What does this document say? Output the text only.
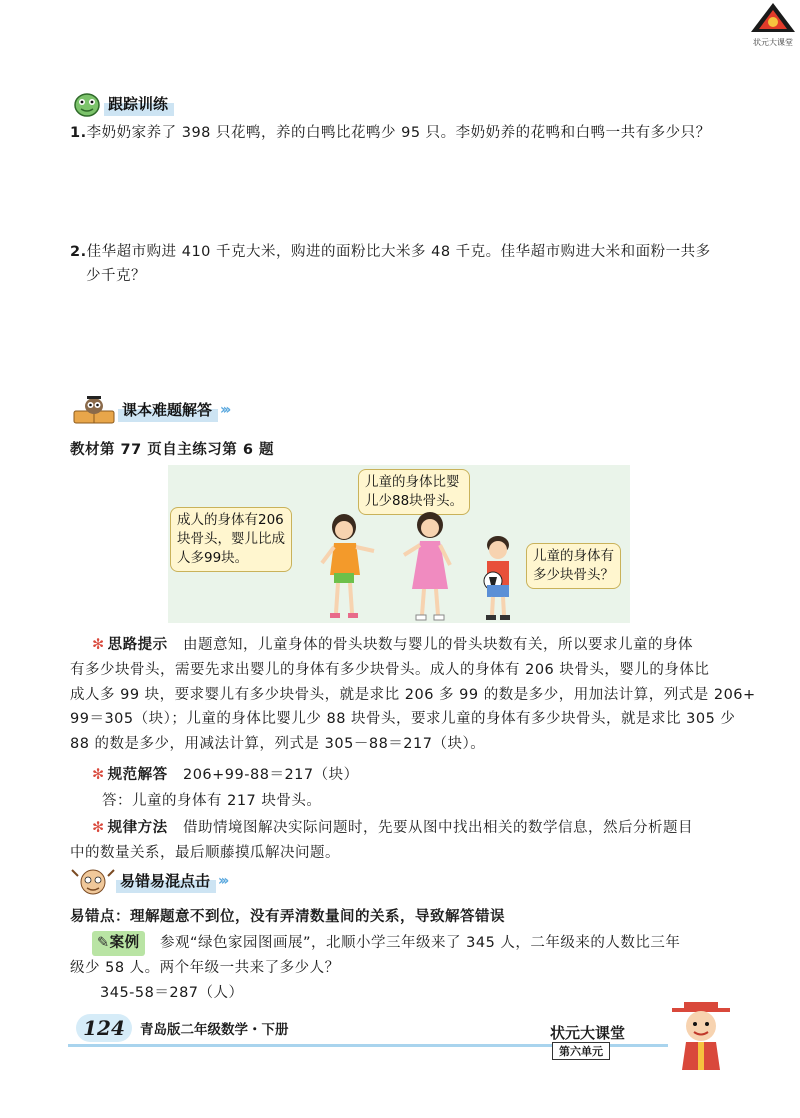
状元大课堂
跟踪训练
1.李奶奶家养了 398 只花鸭，养的白鸭比花鸭少 95 只。李奶奶养的花鸭和白鸭一共有多少只？
2.佳华超市购进 410 千克大米，购进的面粉比大米多 48 千克。佳华超市购进大米和面粉一共多
少千克？
课本难题解答 ›››
教材第 77 页自主练习第 6 题
儿童的身体比婴
儿少88块骨头。
成人的身体有206
块骨头，婴儿比成
人多99块。	儿童的身体有
多少块骨头？
✻ 思路提示 由题意知，儿童身体的骨头块数与婴儿的骨头块数有关，所以要求儿童的身体
有多少块骨头，需要先求出婴儿的身体有多少块骨头。成人的身体有 206 块骨头，婴儿的身体比
成人多 99 块，要求婴儿有多少块骨头，就是求比 206 多 99 的数是多少，用加法计算，列式是 206+
99＝305（块）；儿童的身体比婴儿少 88 块骨头，要求儿童的身体有多少块骨头，就是求比 305 少
88 的数是多少，用减法计算，列式是 305－88＝217（块）。
✻ 规范解答 206+99-88＝217（块）
答：儿童的身体有 217 块骨头。
✻ 规律方法 借助情境图解决实际问题时，先要从图中找出相关的数学信息，然后分析题目
中的数量关系，最后顺藤摸瓜解决问题。
易错易混点击 ›››
易错点：理解题意不到位，没有弄清数量间的关系，导致解答错误
✎案例 参观“绿色家园图画展”，北顺小学三年级来了 345 人，二年级来的人数比三年
级少 58 人。两个年级一共来了多少人？
345-58＝287（人）
124	青岛版二年级数学・下册	状元大课堂
第六单元
